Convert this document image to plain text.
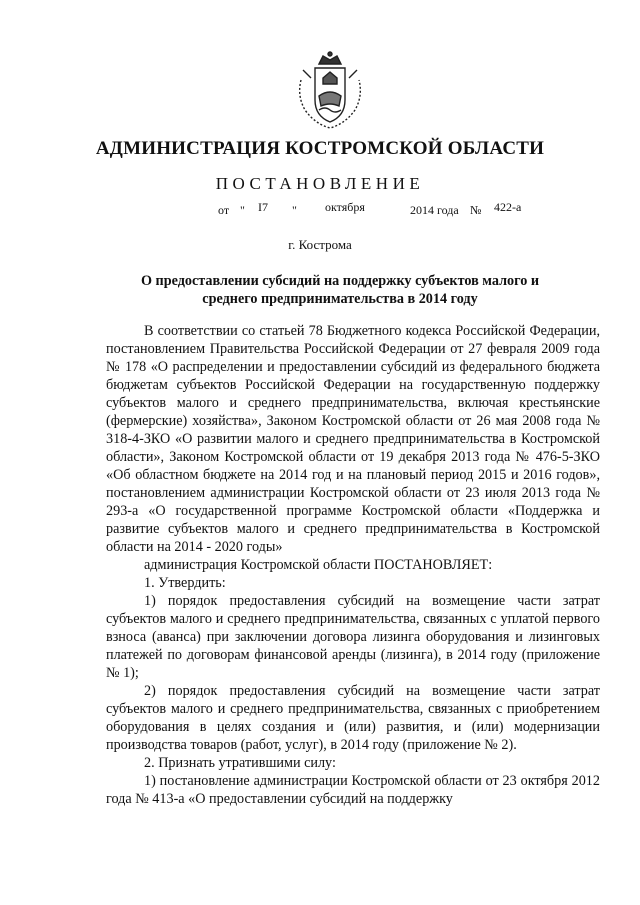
АДМИНИСТРАЦИЯ КОСТРОМСКОЙ ОБЛАСТИ
ПОСТАНОВЛЕНИЕ
от " I7 " октября	2014 года № 422-а
г. Кострома
О предоставлении субсидий на поддержку субъектов малого и
среднего предпринимательства в 2014 году

В соответствии со статьей 78 Бюджетного кодекса Российской Федерации, постановлением Правительства Российской Федерации от 27 февраля 2009 года № 178 «О распределении и предоставлении субсидий из федерального бюджета бюджетам субъектов Российской Федерации на государственную поддержку субъектов малого и среднего предпринимательства, включая крестьянские (фермерские) хозяйства», Законом Костромской области от 26 мая 2008 года № 318-4-ЗКО «О развитии малого и среднего предпринимательства в Костромской области», Законом Костромской области от 19 декабря 2013 года № 476-5-ЗКО «Об областном бюджете на 2014 год и на плановый период 2015 и 2016 годов», постановлением администрации Костромской области от 23 июля 2013 года № 293-а «О государственной программе Костромской области «Поддержка и развитие субъектов малого и среднего предпринимательства в Костромской области на 2014 - 2020 годы»

администрация Костромской области ПОСТАНОВЛЯЕТ:

1. Утвердить:

1) порядок предоставления субсидий на возмещение части затрат субъектов малого и среднего предпринимательства, связанных с уплатой первого взноса (аванса) при заключении договора лизинга оборудования и лизинговых платежей по договорам финансовой аренды (лизинга), в 2014 году (приложение № 1);

2) порядок предоставления субсидий на возмещение части затрат субъектов малого и среднего предпринимательства, связанных с приобретением оборудования в целях создания и (или) развития, и (или) модернизации производства товаров (работ, услуг), в 2014 году (приложение № 2).

2. Признать утратившими силу:

1) постановление администрации Костромской области от 23 октября 2012 года № 413-а «О предоставлении субсидий на поддержку
